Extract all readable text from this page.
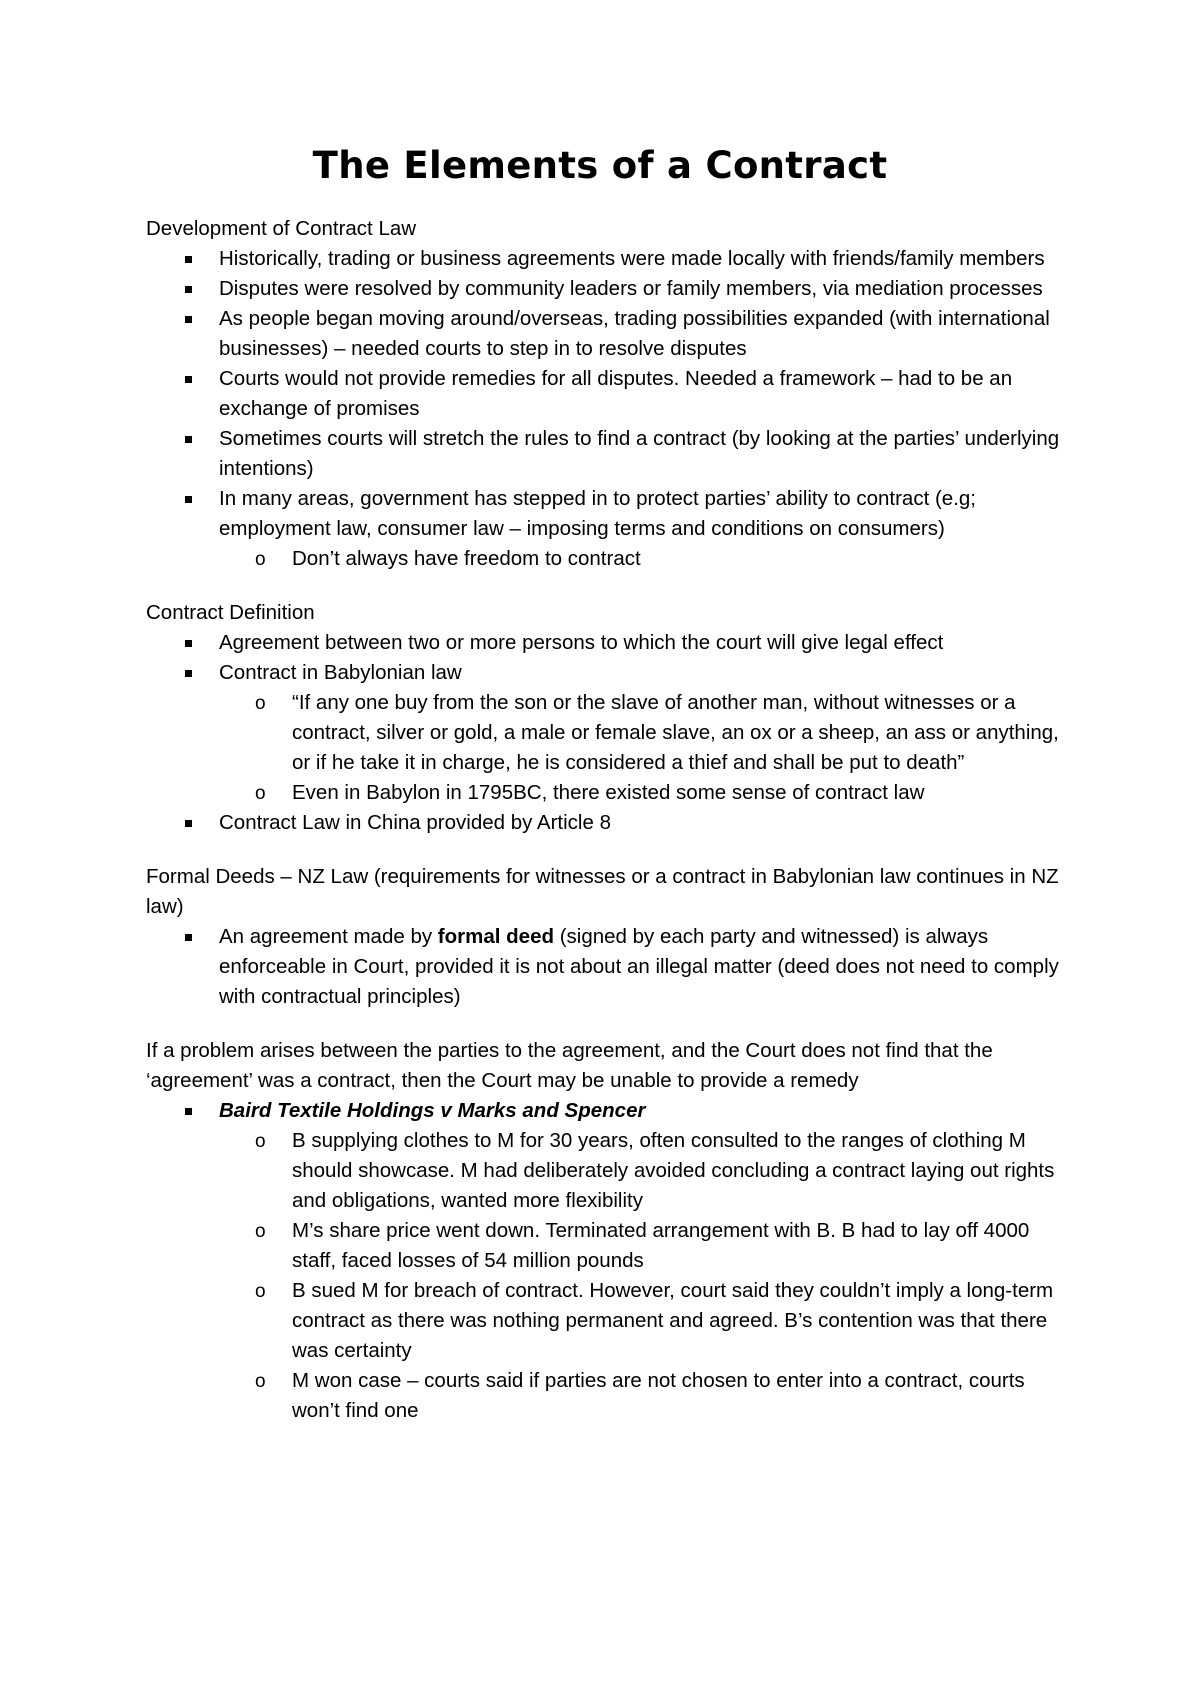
The Elements of a Contract

Development of Contract Law

Historically, trading or business agreements were made locally with friends/family members
Disputes were resolved by community leaders or family members, via mediation processes
As people began moving around/overseas, trading possibilities expanded (with international businesses) – needed courts to step in to resolve disputes
Courts would not provide remedies for all disputes. Needed a framework – had to be an exchange of promises
Sometimes courts will stretch the rules to find a contract (by looking at the parties’ underlying intentions)
In many areas, government has stepped in to protect parties’ ability to contract (e.g; employment law, consumer law – imposing terms and conditions on consumers)
o Don’t always have freedom to contract

Contract Definition

Agreement between two or more persons to which the court will give legal effect
Contract in Babylonian law
o “If any one buy from the son or the slave of another man, without witnesses or a contract, silver or gold, a male or female slave, an ox or a sheep, an ass or anything, or if he take it in charge, he is considered a thief and shall be put to death”
o Even in Babylon in 1795BC, there existed some sense of contract law
Contract Law in China provided by Article 8

Formal Deeds – NZ Law (requirements for witnesses or a contract in Babylonian law continues in NZ law)

An agreement made by formal deed (signed by each party and witnessed) is always enforceable in Court, provided it is not about an illegal matter (deed does not need to comply with contractual principles)

If a problem arises between the parties to the agreement, and the Court does not find that the ‘agreement’ was a contract, then the Court may be unable to provide a remedy

Baird Textile Holdings v Marks and Spencer
o B supplying clothes to M for 30 years, often consulted to the ranges of clothing M should showcase. M had deliberately avoided concluding a contract laying out rights and obligations, wanted more flexibility
o M’s share price went down. Terminated arrangement with B. B had to lay off 4000 staff, faced losses of 54 million pounds
o B sued M for breach of contract. However, court said they couldn’t imply a long-term contract as there was nothing permanent and agreed. B’s contention was that there was certainty
o M won case – courts said if parties are not chosen to enter into a contract, courts won’t find one
